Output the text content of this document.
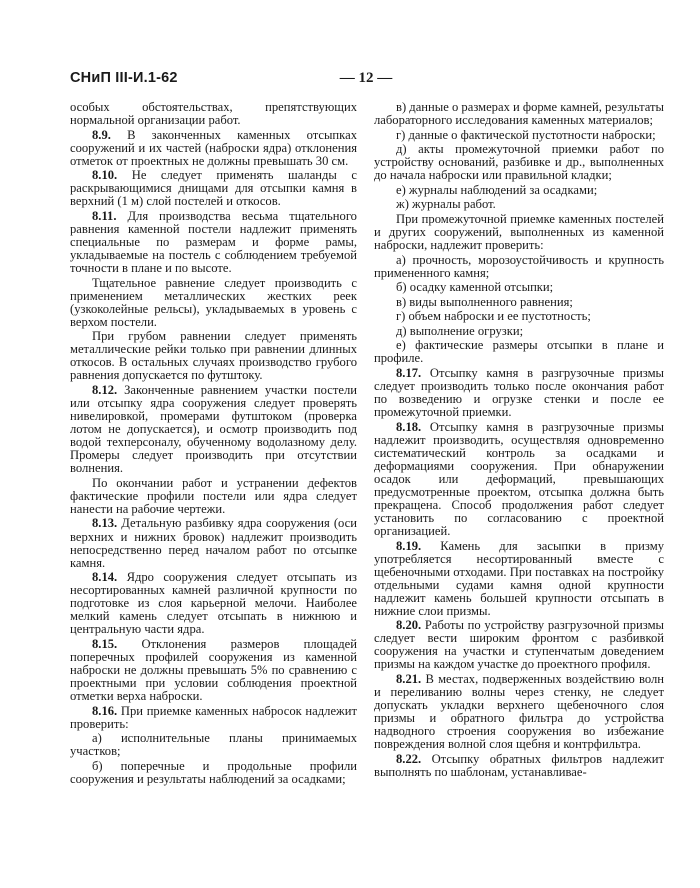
СНиП III-И.1-62	— 12 —

особых обстоятельствах, препятствующих нормальной организации работ.

8.9. В законченных каменных отсыпках сооружений и их частей (наброски ядра) отклонения отметок от проектных не должны превышать 30 см.

8.10. Не следует применять шаланды с раскрывающимися днищами для отсыпки камня в верхний (1 м) слой постелей и откосов.

8.11. Для производства весьма тщательного равнения каменной постели надлежит применять специальные по размерам и форме рамы, укладываемые на постель с соблюдением требуемой точности в плане и по высоте.

Тщательное равнение следует производить с применением металлических жестких реек (узкоколейные рельсы), укладываемых в уровень с верхом постели.

При грубом равнении следует применять металлические рейки только при равнении длинных откосов. В остальных случаях производство грубого равнения допускается по футштоку.

8.12. Законченные равнением участки постели или отсыпку ядра сооружения следует проверять нивелировкой, промерами футштоком (проверка лотом не допускается), и осмотр производить под водой техперсоналу, обученному водолазному делу. Промеры следует производить при отсутствии волнения.

По окончании работ и устранении дефектов фактические профили постели или ядра следует нанести на рабочие чертежи.

8.13. Детальную разбивку ядра сооружения (оси верхних и нижних бровок) надлежит производить непосредственно перед началом работ по отсыпке камня.

8.14. Ядро сооружения следует отсыпать из несортированных камней различной крупности по подготовке из слоя карьерной мелочи. Наиболее мелкий камень следует отсыпать в нижнюю и центральную части ядра.

8.15. Отклонения размеров площадей поперечных профилей сооружения из каменной наброски не должны превышать 5% по сравнению с проектными при условии соблюдения проектной отметки верха наброски.

8.16. При приемке каменных набросок надлежит проверить:

а) исполнительные планы принимаемых участков;

б) поперечные и продольные профили сооружения и результаты наблюдений за осадками;

в) данные о размерах и форме камней, результаты лабораторного исследования каменных материалов;

г) данные о фактической пустотности наброски;

д) акты промежуточной приемки работ по устройству оснований, разбивке и др., выполненных до начала наброски или правильной кладки;

е) журналы наблюдений за осадками;

ж) журналы работ.

При промежуточной приемке каменных постелей и других сооружений, выполненных из каменной наброски, надлежит проверить:

а) прочность, морозоустойчивость и крупность примененного камня;

б) осадку каменной отсыпки;

в) виды выполненного равнения;

г) объем наброски и ее пустотность;

д) выполнение огрузки;

е) фактические размеры отсыпки в плане и профиле.

8.17. Отсыпку камня в разгрузочные призмы следует производить только после окончания работ по возведению и огрузке стенки и после ее промежуточной приемки.

8.18. Отсыпку камня в разгрузочные призмы надлежит производить, осуществляя одновременно систематический контроль за осадками и деформациями сооружения. При обнаружении осадок или деформаций, превышающих предусмотренные проектом, отсыпка должна быть прекращена. Способ продолжения работ следует установить по согласованию с проектной организацией.

8.19. Камень для засыпки в призму употребляется несортированный вместе с щебеночными отходами. При поставках на постройку отдельными судами камня одной крупности надлежит камень большей крупности отсыпать в нижние слои призмы.

8.20. Работы по устройству разгрузочной призмы следует вести широким фронтом с разбивкой сооружения на участки и ступенчатым доведением призмы на каждом участке до проектного профиля.

8.21. В местах, подверженных воздействию волн и переливанию волны через стенку, не следует допускать укладки верхнего щебеночного слоя призмы и обратного фильтра до устройства надводного строения сооружения во избежание повреждения волной слоя щебня и контрфильтра.

8.22. Отсыпку обратных фильтров надлежит выполнять по шаблонам, устанавливае-
